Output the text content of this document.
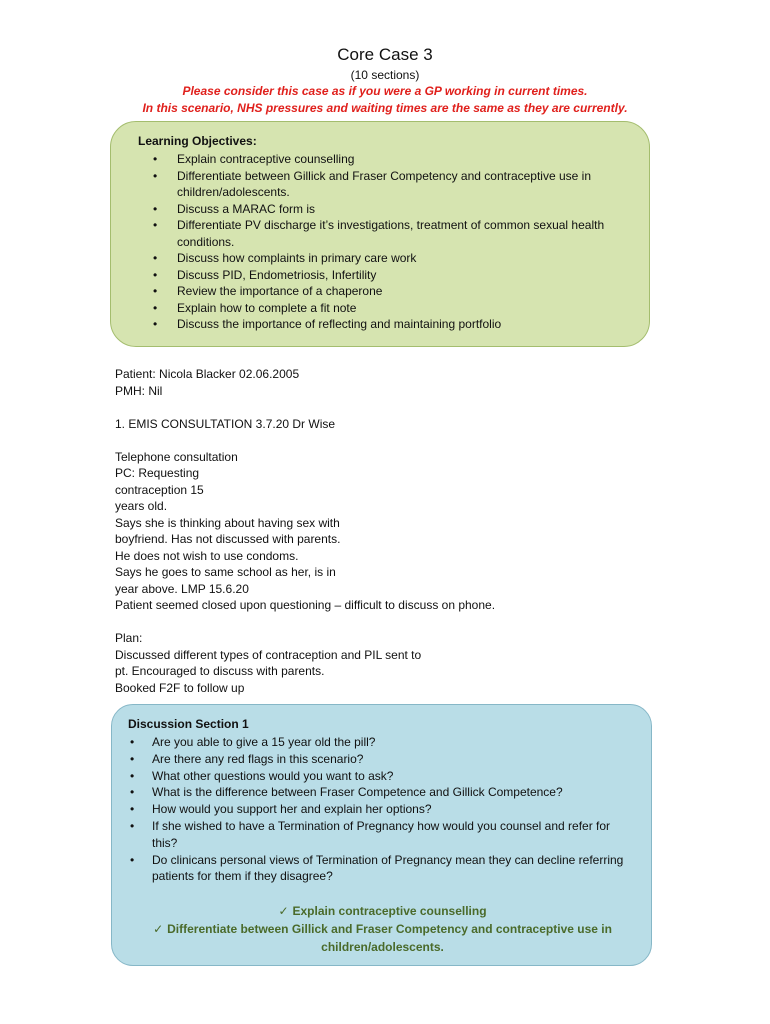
Core Case 3
(10 sections)
Please consider this case as if you were a GP working in current times.
In this scenario, NHS pressures and waiting times are the same as they are currently.
Learning Objectives:
• Explain contraceptive counselling
• Differentiate between Gillick and Fraser Competency and contraceptive use in children/adolescents.
• Discuss a MARAC form is
• Differentiate PV discharge it’s investigations, treatment of common sexual health conditions.
• Discuss how complaints in primary care work
• Discuss PID, Endometriosis, Infertility
• Review the importance of a chaperone
• Explain how to complete a fit note
• Discuss the importance of reflecting and maintaining portfolio
Patient: Nicola Blacker 02.06.2005
PMH: Nil
1. EMIS CONSULTATION 3.7.20 Dr Wise
Telephone consultation
PC: Requesting
contraception 15
years old.
Says she is thinking about having sex with
boyfriend. Has not discussed with parents.
He does not wish to use condoms.
Says he goes to same school as her, is in
year above. LMP 15.6.20
Patient seemed closed upon questioning – difficult to discuss on phone.
Plan:
Discussed different types of contraception and PIL sent to
pt. Encouraged to discuss with parents.
Booked F2F to follow up
Discussion Section 1
• Are you able to give a 15 year old the pill?
• Are there any red flags in this scenario?
• What other questions would you want to ask?
• What is the difference between Fraser Competence and Gillick Competence?
• How would you support her and explain her options?
• If she wished to have a Termination of Pregnancy how would you counsel and refer for this?
• Do clinicans personal views of Termination of Pregnancy mean they can decline referring patients for them if they disagree?
✓ Explain contraceptive counselling
✓ Differentiate between Gillick and Fraser Competency and contraceptive use in children/adolescents.
